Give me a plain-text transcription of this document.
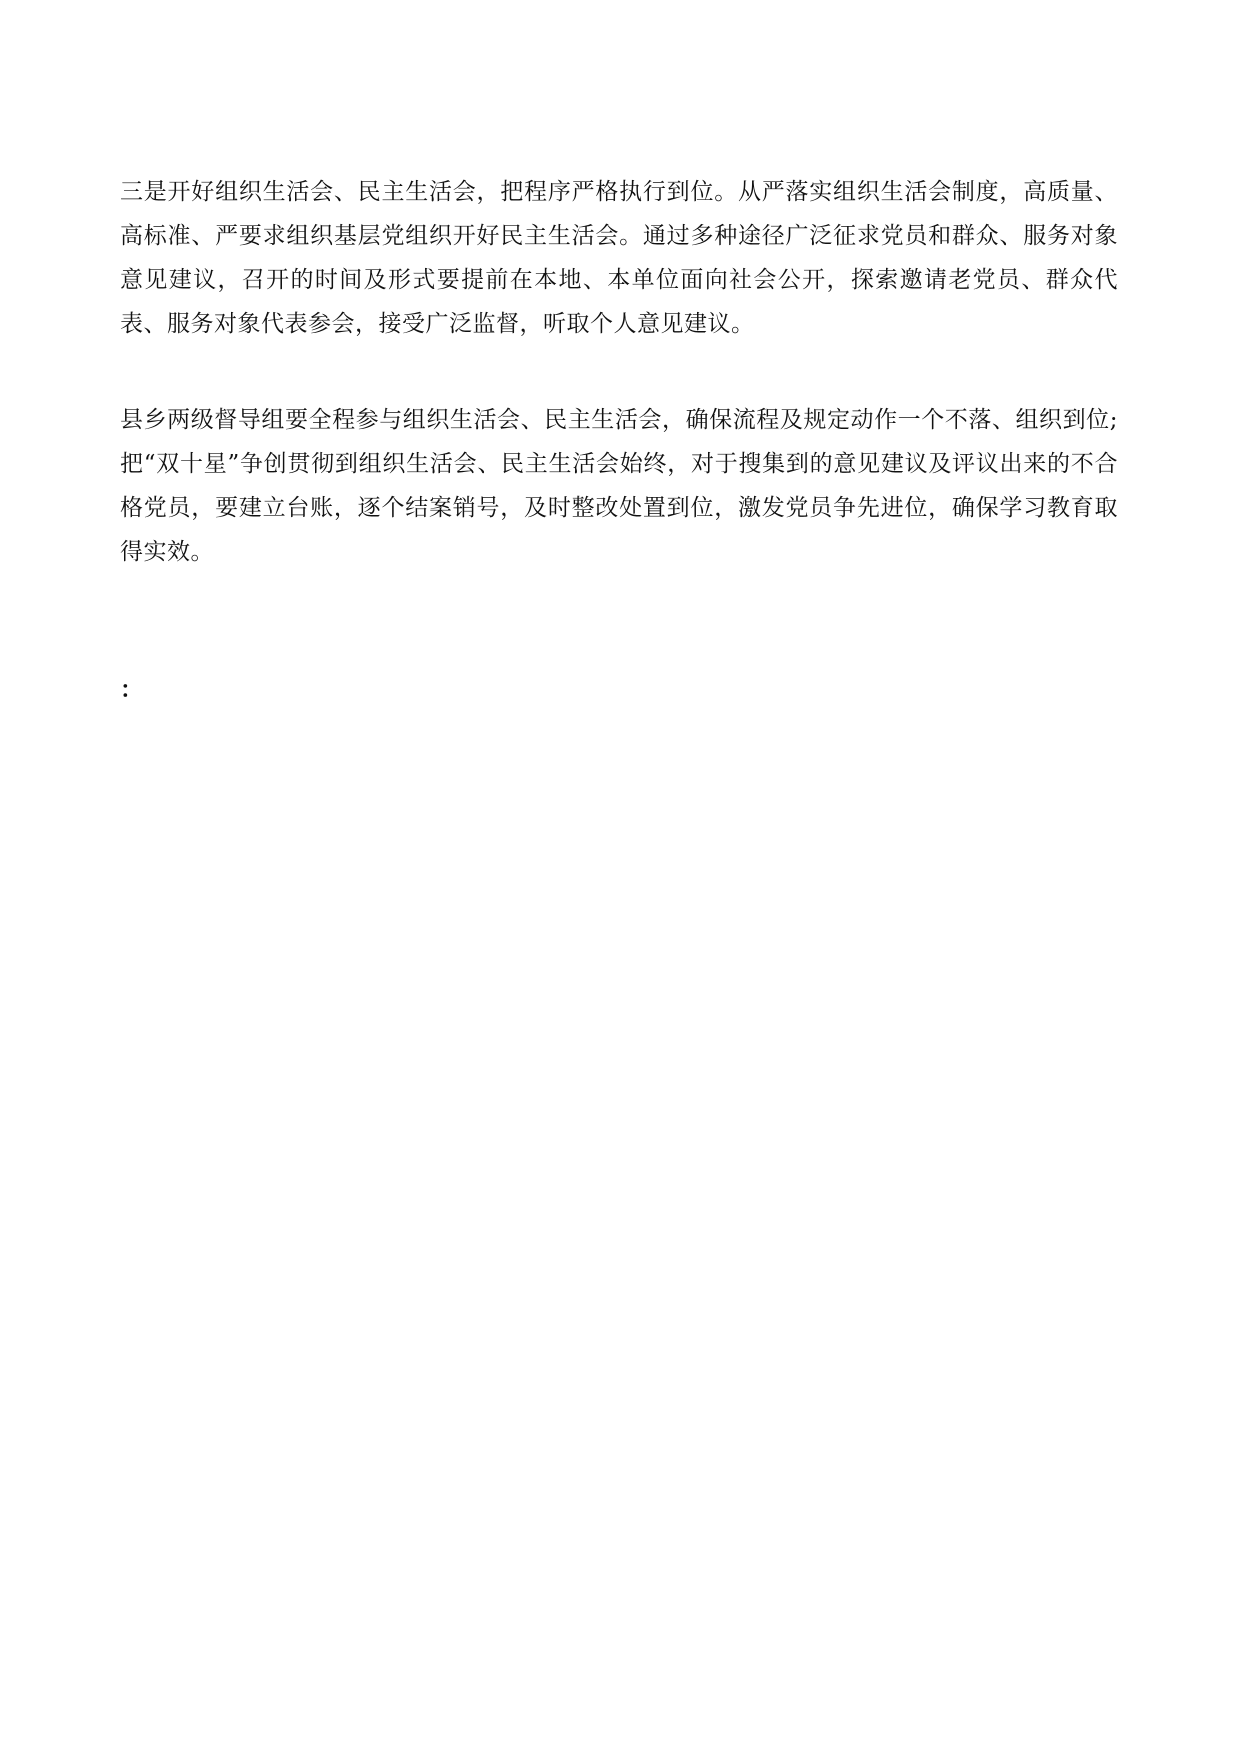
三是开好组织生活会、民主生活会，把程序严格执行到位。从严落实组织生活会制度，高质量、高标准、严要求组织基层党组织开好民主生活会。通过多种途径广泛征求党员和群众、服务对象意见建议，召开的时间及形式要提前在本地、本单位面向社会公开，探索邀请老党员、群众代表、服务对象代表参会，接受广泛监督，听取个人意见建议。

县乡两级督导组要全程参与组织生活会、民主生活会，确保流程及规定动作一个不落、组织到位;把“双十星”争创贯彻到组织生活会、民主生活会始终，对于搜集到的意见建议及评议出来的不合格党员，要建立台账，逐个结案销号，及时整改处置到位，激发党员争先进位，确保学习教育取得实效。

：
